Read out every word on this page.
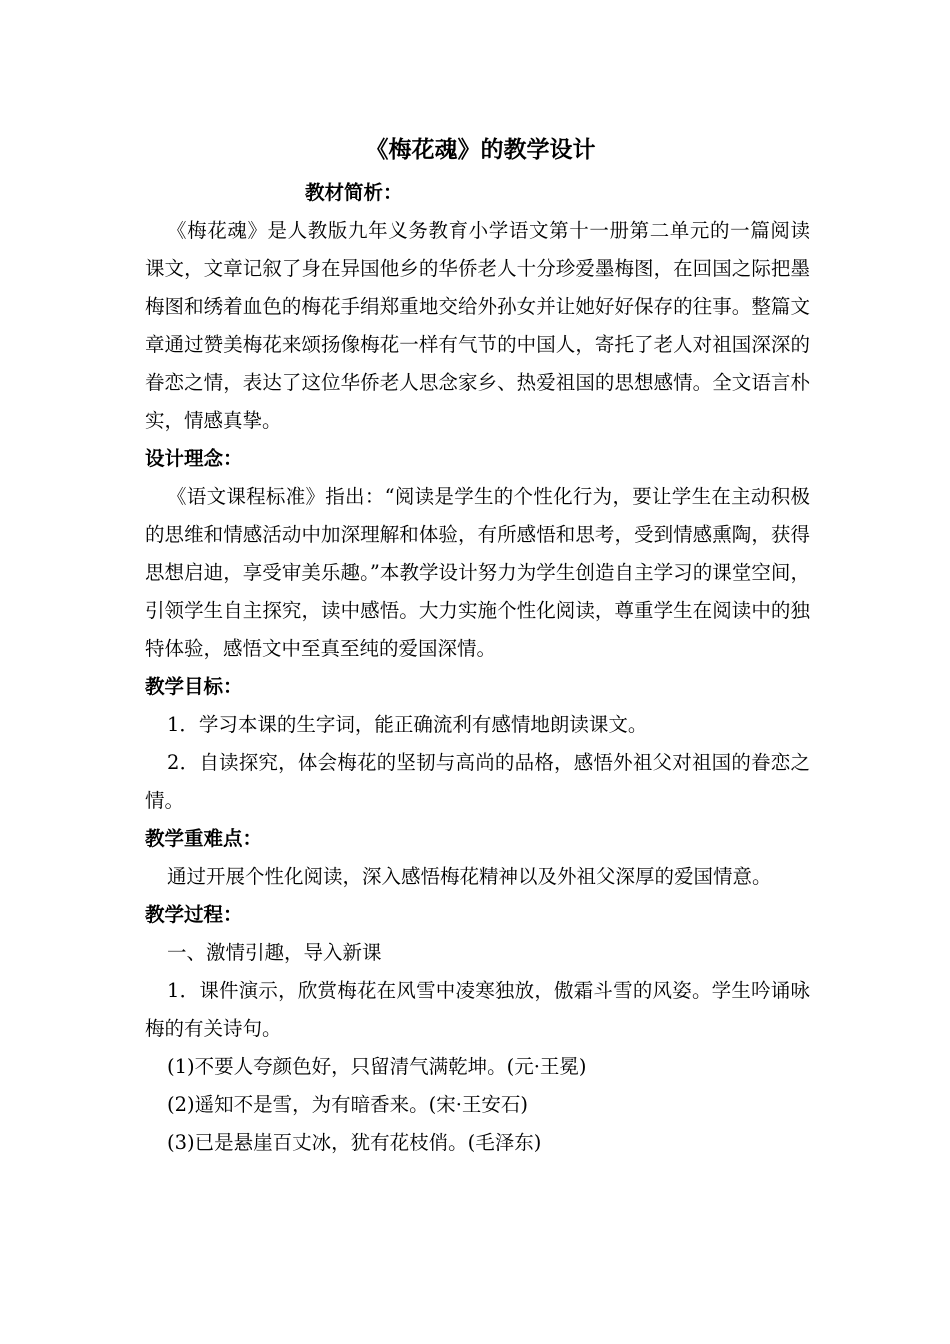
《梅花魂》的教学设计

教材简析：

《梅花魂》是人教版九年义务教育小学语文第十一册第二单元的一篇阅读课文，文章记叙了身在异国他乡的华侨老人十分珍爱墨梅图，在回国之际把墨梅图和绣着血色的梅花手绢郑重地交给外孙女并让她好好保存的往事。整篇文章通过赞美梅花来颂扬像梅花一样有气节的中国人，寄托了老人对祖国深深的眷恋之情，表达了这位华侨老人思念家乡、热爱祖国的思想感情。全文语言朴实，情感真挚。

设计理念：

《语文课程标准》指出：“阅读是学生的个性化行为，要让学生在主动积极的思维和情感活动中加深理解和体验，有所感悟和思考，受到情感熏陶，获得思想启迪，享受审美乐趣。”本教学设计努力为学生创造自主学习的课堂空间，引领学生自主探究，读中感悟。大力实施个性化阅读，尊重学生在阅读中的独特体验，感悟文中至真至纯的爱国深情。

教学目标：

1．学习本课的生字词，能正确流利有感情地朗读课文。

2．自读探究，体会梅花的坚韧与高尚的品格，感悟外祖父对祖国的眷恋之情。

教学重难点：

通过开展个性化阅读，深入感悟梅花精神以及外祖父深厚的爱国情意。

教学过程：

一、激情引趣，导入新课

1．课件演示，欣赏梅花在风雪中凌寒独放，傲霜斗雪的风姿。学生吟诵咏梅的有关诗句。

(1)不要人夸颜色好，只留清气满乾坤。(元·王冕)

(2)遥知不是雪，为有暗香来。(宋·王安石)

(3)已是悬崖百丈冰，犹有花枝俏。(毛泽东)
